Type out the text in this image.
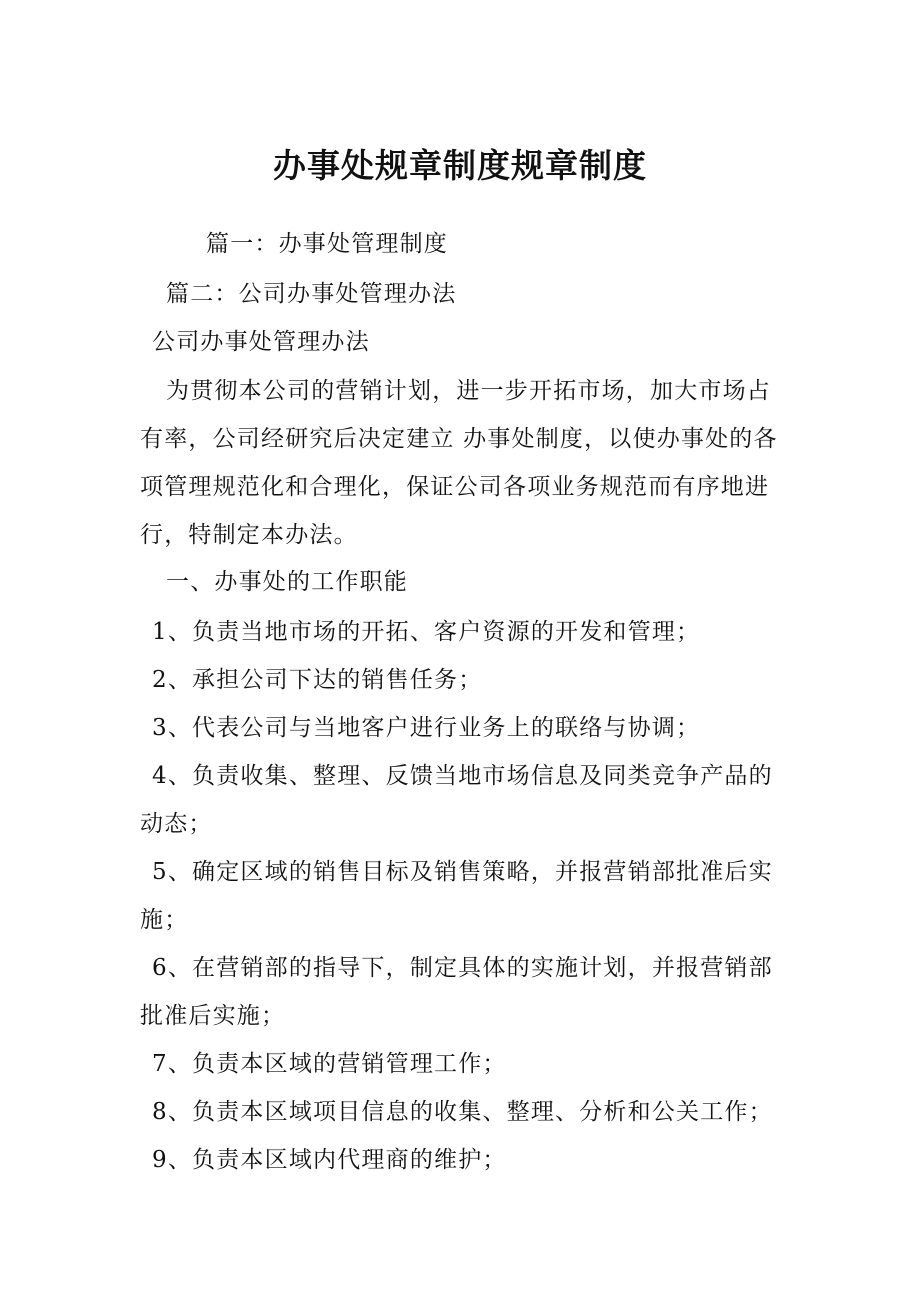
办事处规章制度规章制度
篇一：办事处管理制度
篇二：公司办事处管理办法
公司办事处管理办法
为贯彻本公司的营销计划，进一步开拓市场，加大市场占有率，公司经研究后决定建立 办事处制度，以使办事处的各项管理规范化和合理化，保证公司各项业务规范而有序地进行，特制定本办法。
一、办事处的工作职能
1、负责当地市场的开拓、客户资源的开发和管理；
2、承担公司下达的销售任务；
3、代表公司与当地客户进行业务上的联络与协调；
4、负责收集、整理、反馈当地市场信息及同类竞争产品的
动态；
5、确定区域的销售目标及销售策略，并报营销部批准后实
施；
6、在营销部的指导下，制定具体的实施计划，并报营销部
批准后实施；
7、负责本区域的营销管理工作；
8、负责本区域项目信息的收集、整理、分析和公关工作；
9、负责本区域内代理商的维护；
